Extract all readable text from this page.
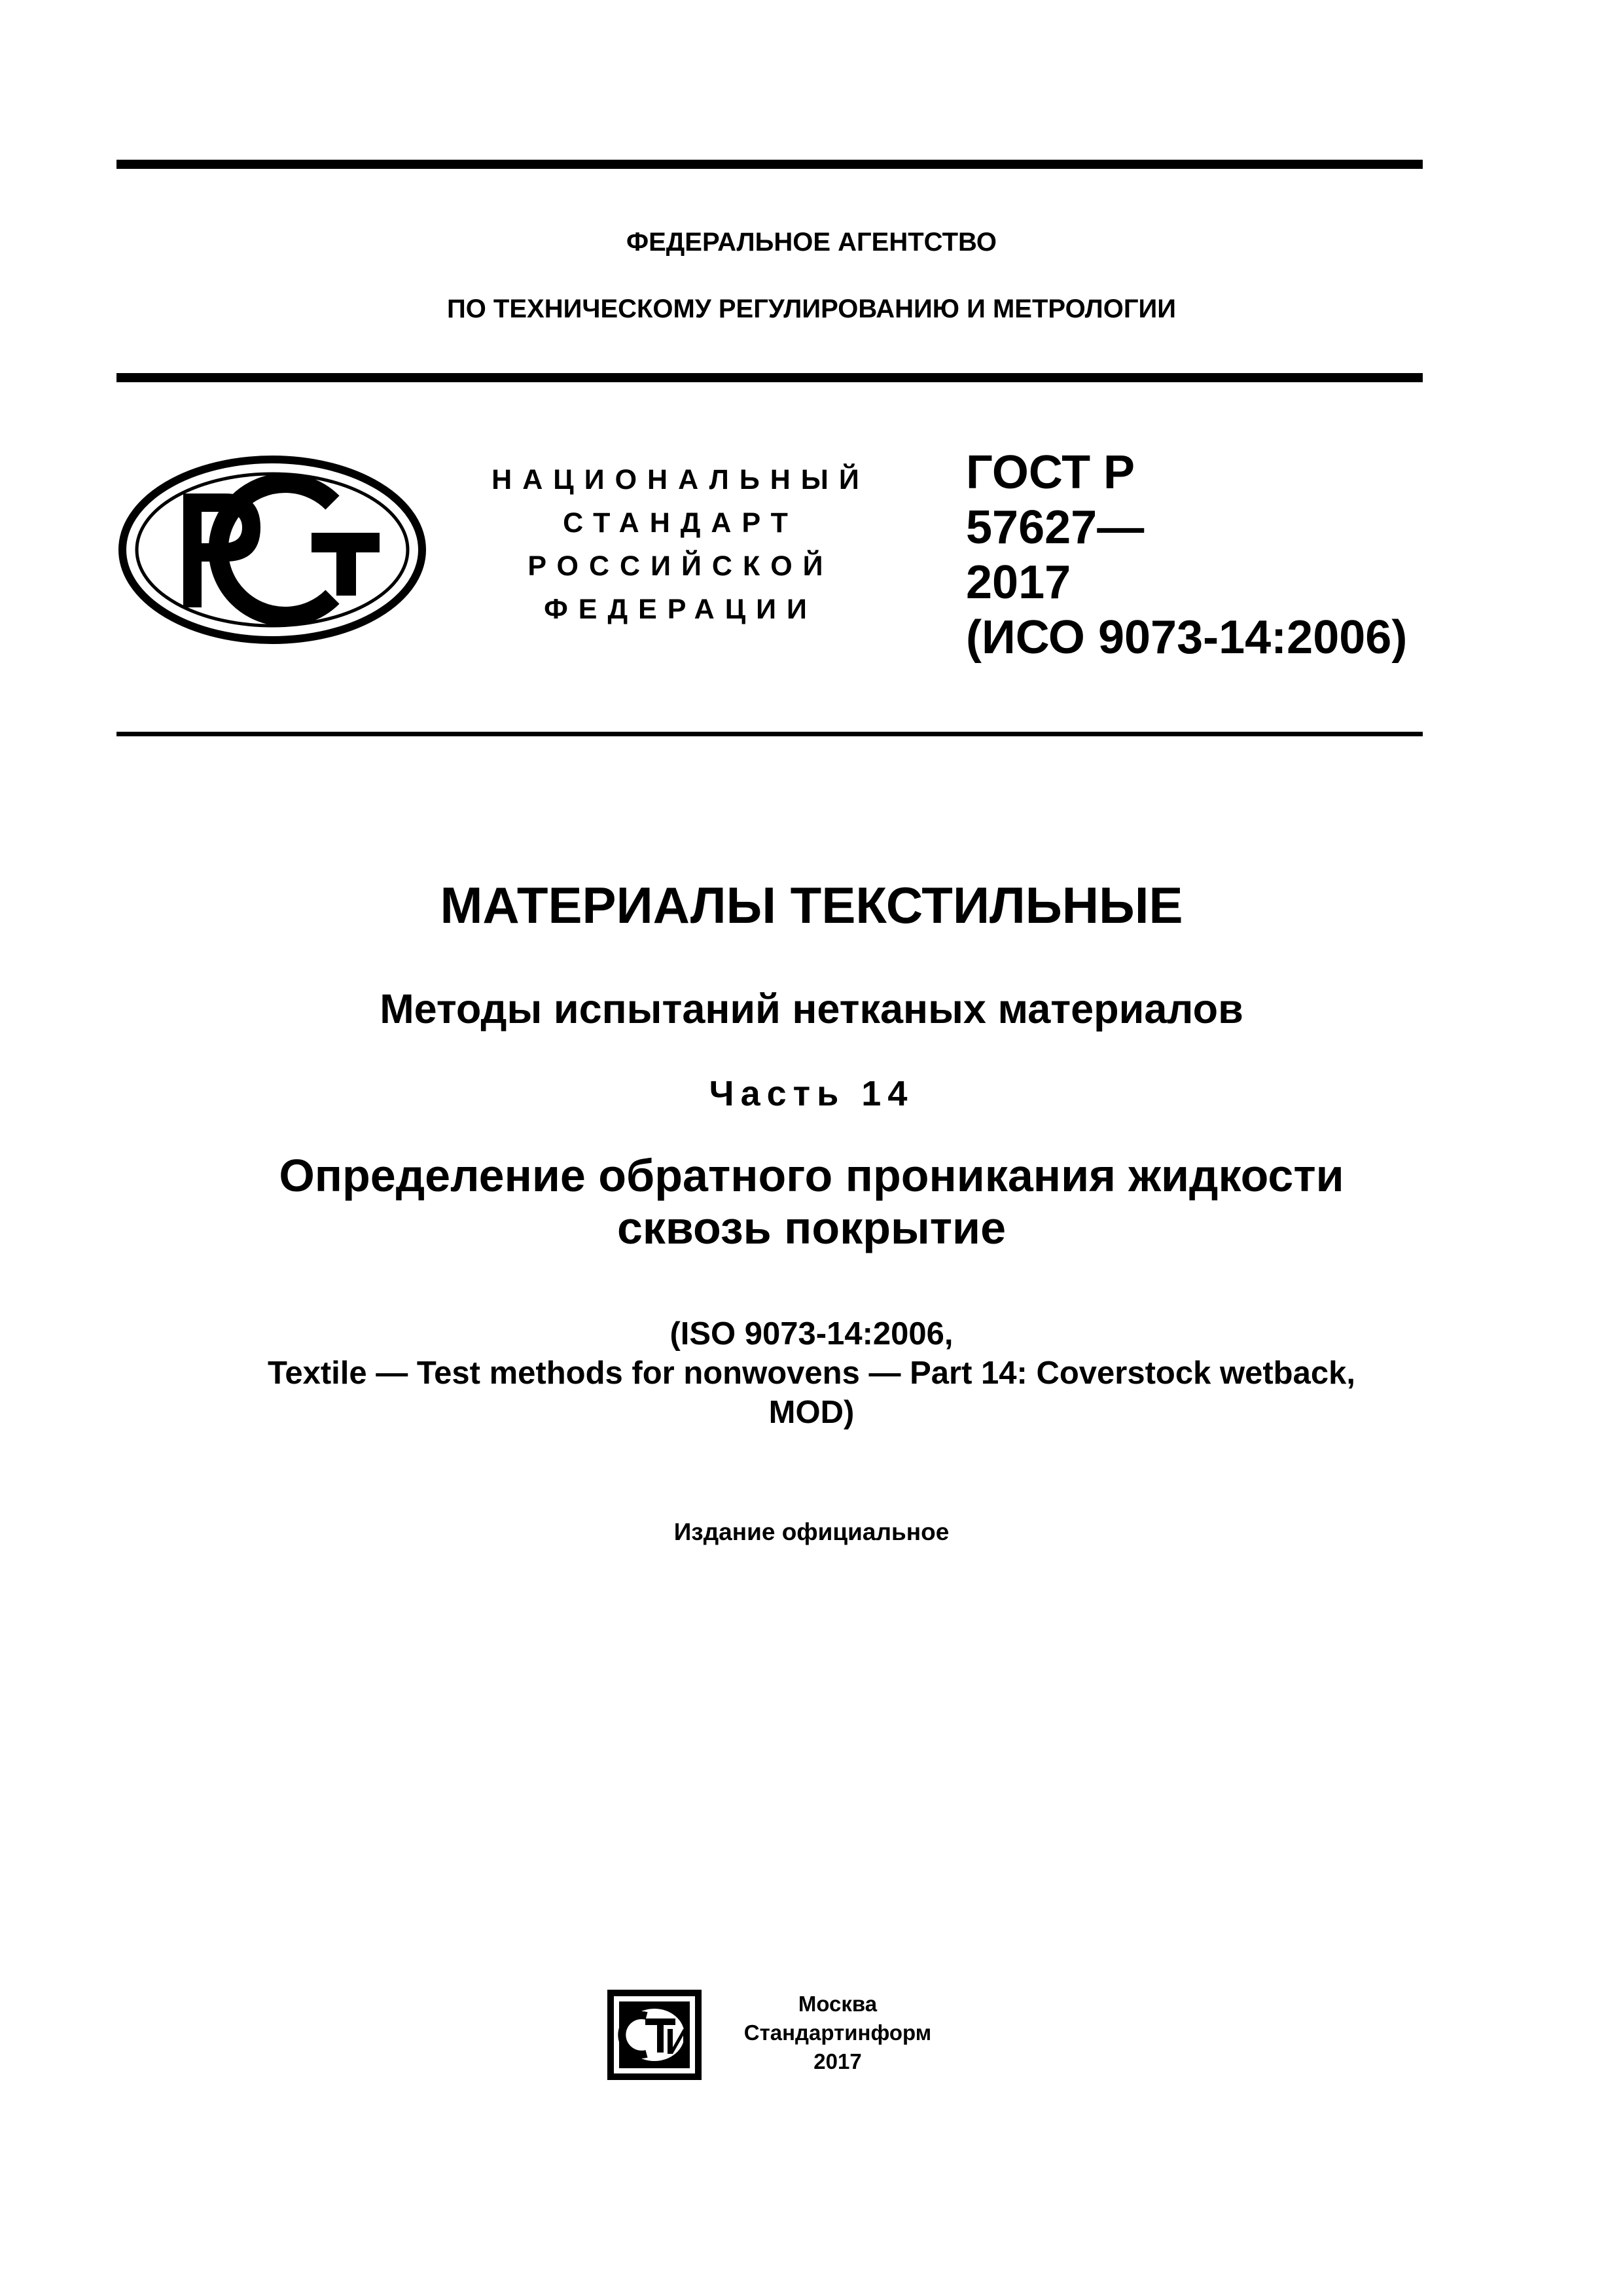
ФЕДЕРАЛЬНОЕ АГЕНТСТВО
ПО ТЕХНИЧЕСКОМУ РЕГУЛИРОВАНИЮ И МЕТРОЛОГИИ
НАЦИОНАЛЬНЫЙ
СТАНДАРТ
РОССИЙСКОЙ
ФЕДЕРАЦИИ
ГОСТ Р
57627—
2017
(ИСО 9073-14:2006)
МАТЕРИАЛЫ ТЕКСТИЛЬНЫЕ
Методы испытаний нетканых материалов
Часть 14
Определение обратного проникания жидкости
сквозь покрытие
(ISO 9073-14:2006,
Textile — Test methods for nonwovens — Part 14: Coverstock wetback,
MOD)
Издание официальное
СТИ
Москва
Стандартинформ
2017
